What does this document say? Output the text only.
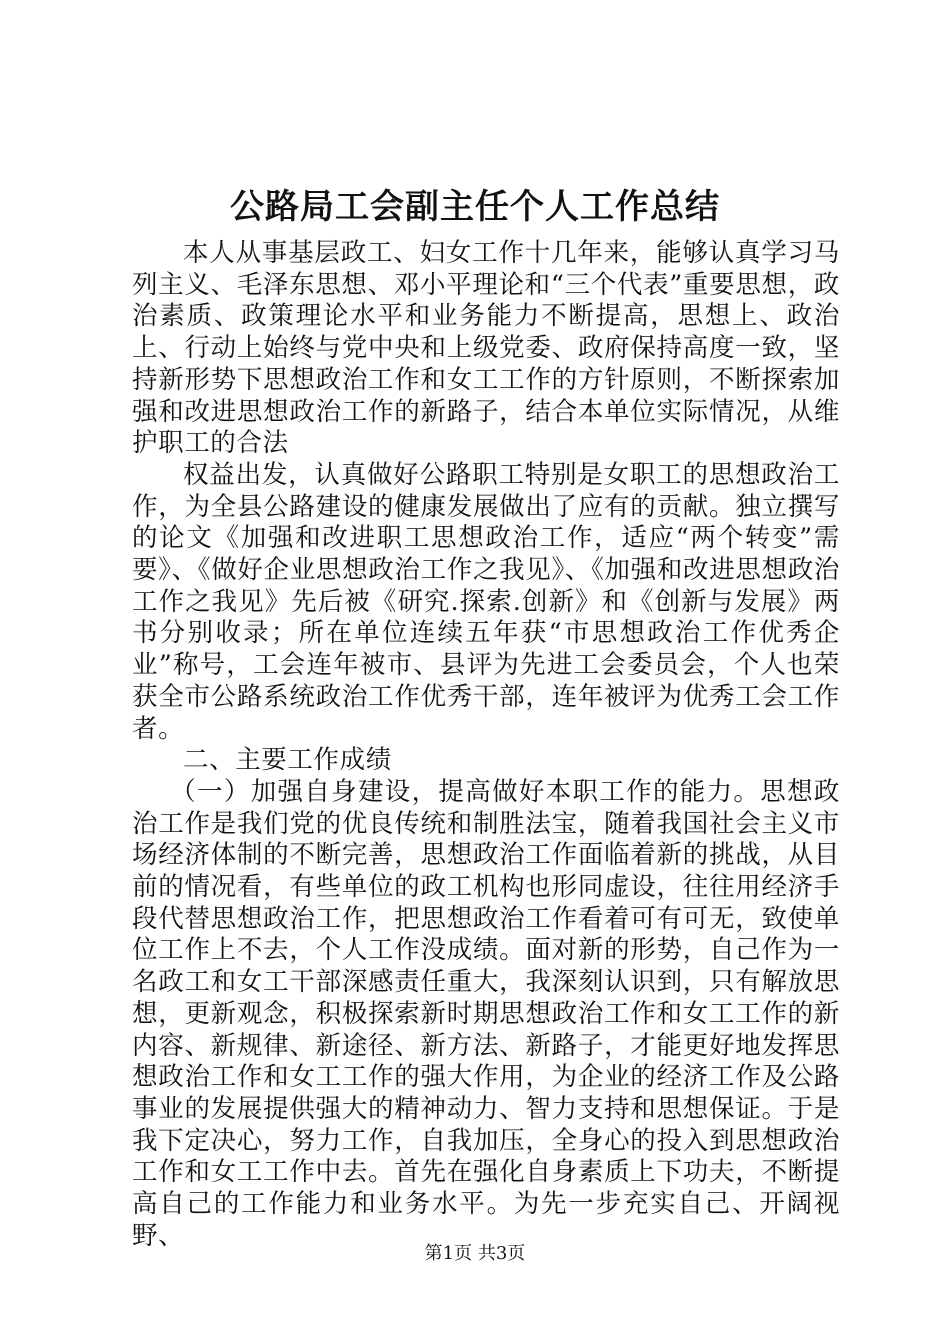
公路局工会副主任个人工作总结

本人从事基层政工、妇女工作十几年来，能够认真学习马列主义、毛泽东思想、邓小平理论和“三个代表”重要思想，政治素质、政策理论水平和业务能力不断提高，思想上、政治上、行动上始终与党中央和上级党委、政府保持高度一致，坚持新形势下思想政治工作和女工工作的方针原则，不断探索加强和改进思想政治工作的新路子，结合本单位实际情况，从维护职工的合法

权益出发，认真做好公路职工特别是女职工的思想政治工作，为全县公路建设的健康发展做出了应有的贡献。独立撰写的论文《加强和改进职工思想政治工作，适应“两个转变”需要》、《做好企业思想政治工作之我见》、《加强和改进思想政治工作之我见》先后被《研究.探索.创新》和《创新与发展》两书分别收录；所在单位连续五年获“市思想政治工作优秀企业”称号，工会连年被市、县评为先进工会委员会，个人也荣获全市公路系统政治工作优秀干部，连年被评为优秀工会工作者。

二、主要工作成绩

（一）加强自身建设，提高做好本职工作的能力。思想政治工作是我们党的优良传统和制胜法宝，随着我国社会主义市场经济体制的不断完善，思想政治工作面临着新的挑战，从目前的情况看，有些单位的政工机构也形同虚设，往往用经济手段代替思想政治工作，把思想政治工作看着可有可无，致使单位工作上不去，个人工作没成绩。面对新的形势，自己作为一名政工和女工干部深感责任重大，我深刻认识到，只有解放思想，更新观念，积极探索新时期思想政治工作和女工工作的新内容、新规律、新途径、新方法、新路子，才能更好地发挥思想政治工作和女工工作的强大作用，为企业的经济工作及公路事业的发展提供强大的精神动力、智力支持和思想保证。于是我下定决心，努力工作，自我加压，全身心的投入到思想政治工作和女工工作中去。首先在强化自身素质上下功夫，不断提高自己的工作能力和业务水平。为先一步充实自己、开阔视野、

第1页 共3页
